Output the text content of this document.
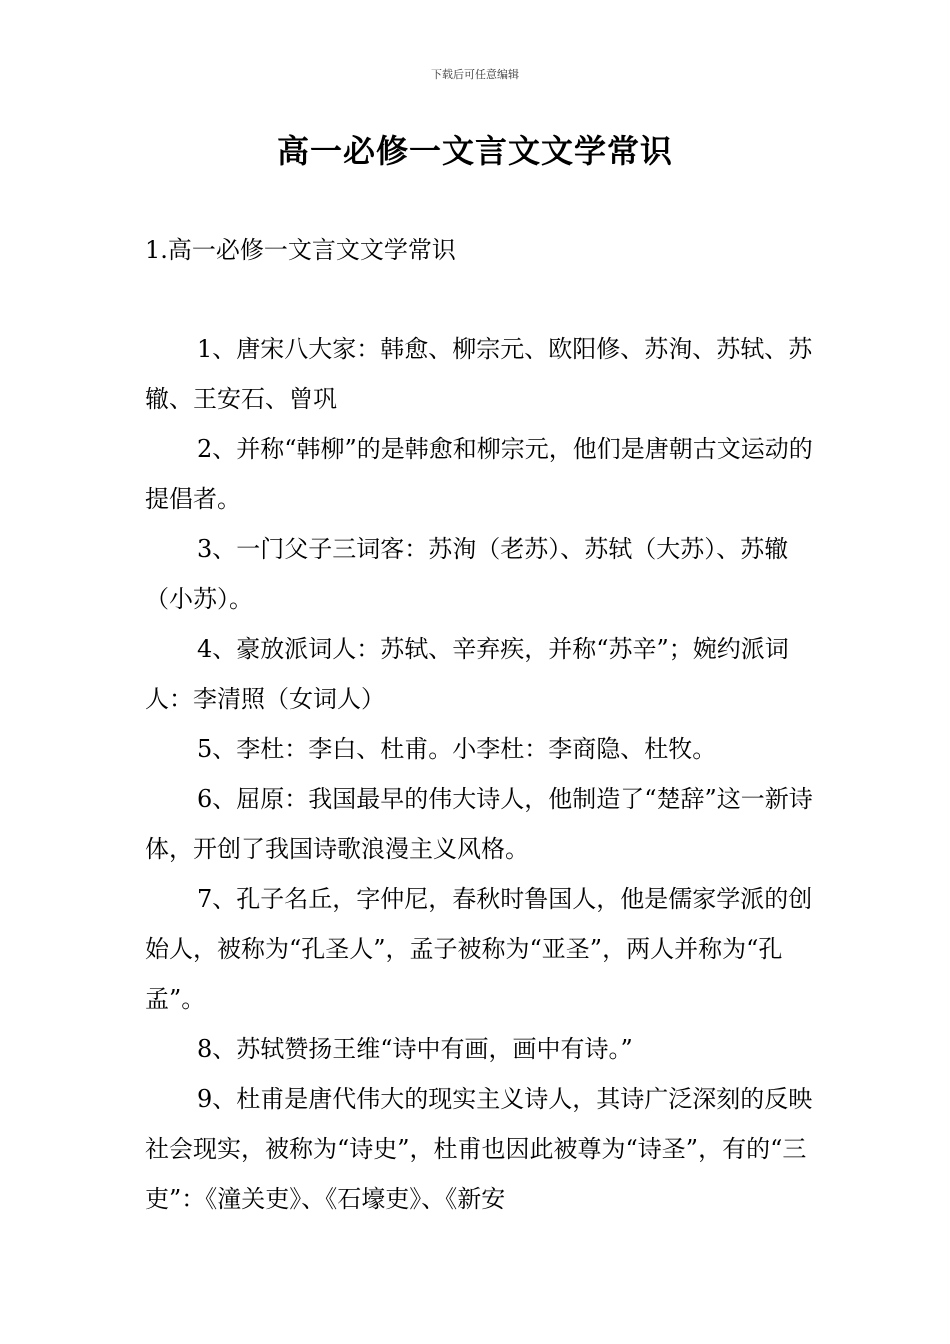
下载后可任意编辑
高一必修一文言文文学常识
1.高一必修一文言文文学常识

1、唐宋八大家：韩愈、柳宗元、欧阳修、苏洵、苏轼、苏辙、王安石、曾巩

2、并称“韩柳”的是韩愈和柳宗元，他们是唐朝古文运动的提倡者。

3、一门父子三词客：苏洵（老苏）、苏轼（大苏）、苏辙（小苏）。

4、豪放派词人：苏轼、辛弃疾，并称“苏辛”；婉约派词人：李清照（女词人）

5、李杜：李白、杜甫。小李杜：李商隐、杜牧。

6、屈原：我国最早的伟大诗人，他制造了“楚辞”这一新诗体，开创了我国诗歌浪漫主义风格。

7、孔子名丘，字仲尼，春秋时鲁国人，他是儒家学派的创始人，被称为“孔圣人”，孟子被称为“亚圣”，两人并称为“孔孟”。

8、苏轼赞扬王维“诗中有画，画中有诗。”

9、杜甫是唐代伟大的现实主义诗人，其诗广泛深刻的反映社会现实，被称为“诗史”，杜甫也因此被尊为“诗圣”，有的“三吏”：《潼关吏》、《石壕吏》、《新安
